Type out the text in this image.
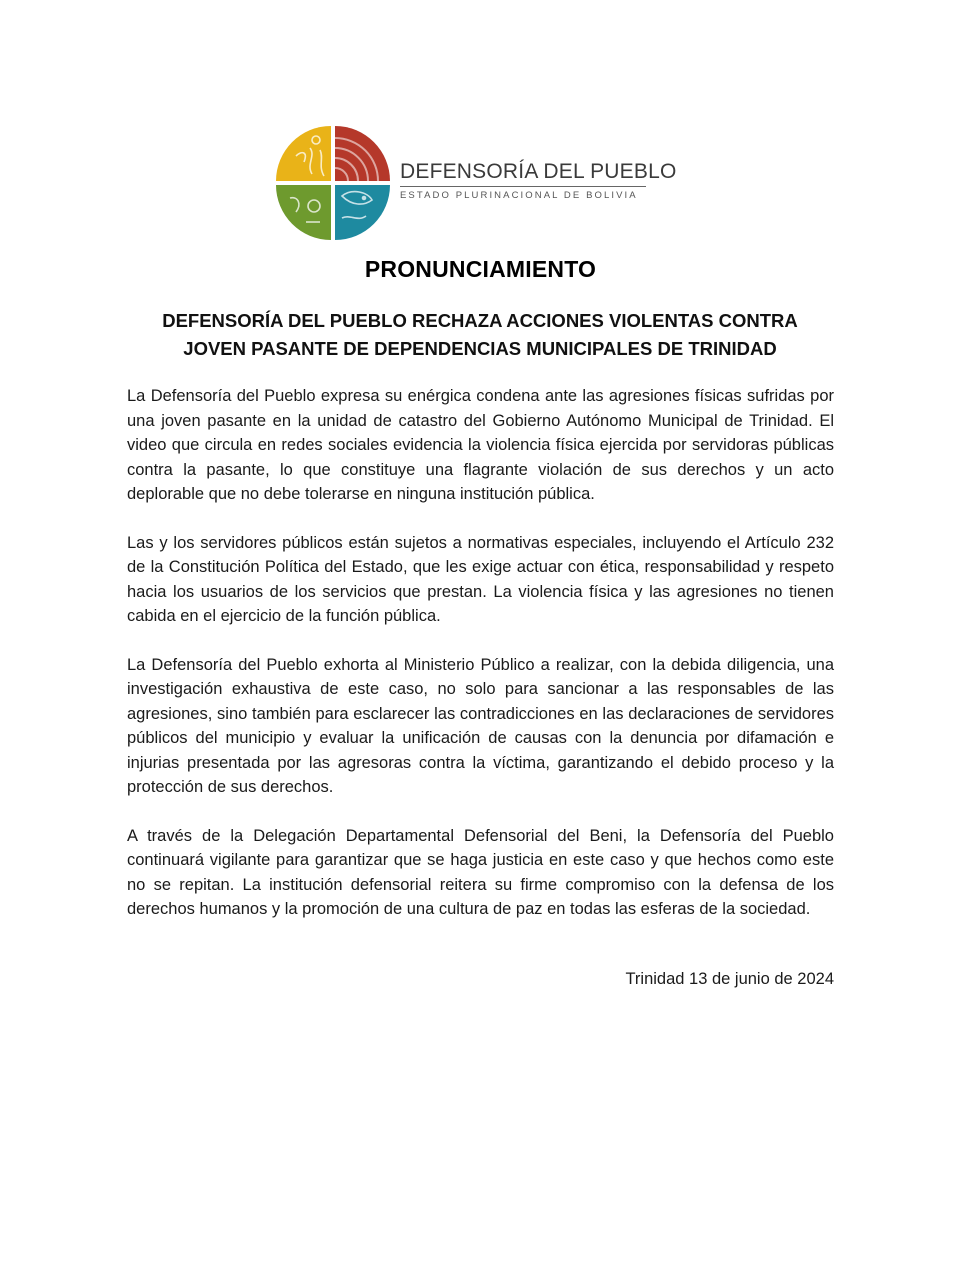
DEFENSORÍA DEL PUEBLO
ESTADO PLURINACIONAL DE BOLIVIA
PRONUNCIAMIENTO
DEFENSORÍA DEL PUEBLO RECHAZA ACCIONES VIOLENTAS CONTRA
JOVEN PASANTE DE DEPENDENCIAS MUNICIPALES DE TRINIDAD

La Defensoría del Pueblo expresa su enérgica condena ante las agresiones físicas sufridas por una joven pasante en la unidad de catastro del Gobierno Autónomo Municipal de Trinidad. El video que circula en redes sociales evidencia la violencia física ejercida por servidoras públicas contra la pasante, lo que constituye una flagrante violación de sus derechos y un acto deplorable que no debe tolerarse en ninguna institución pública.

Las y los servidores públicos están sujetos a normativas especiales, incluyendo el Artículo 232 de la Constitución Política del Estado, que les exige actuar con ética, responsabilidad y respeto hacia los usuarios de los servicios que prestan. La violencia física y las agresiones no tienen cabida en el ejercicio de la función pública.

La Defensoría del Pueblo exhorta al Ministerio Público a realizar, con la debida diligencia, una investigación exhaustiva de este caso, no solo para sancionar a las responsables de las agresiones, sino también para esclarecer las contradicciones en las declaraciones de servidores públicos del municipio y evaluar la unificación de causas con la denuncia por difamación e injurias presentada por las agresoras contra la víctima, garantizando el debido proceso y la protección de sus derechos.

A través de la Delegación Departamental Defensorial del Beni, la Defensoría del Pueblo continuará vigilante para garantizar que se haga justicia en este caso y que hechos como este no se repitan. La institución defensorial reitera su firme compromiso con la defensa de los derechos humanos y la promoción de una cultura de paz en todas las esferas de la sociedad.

Trinidad 13 de junio de 2024
